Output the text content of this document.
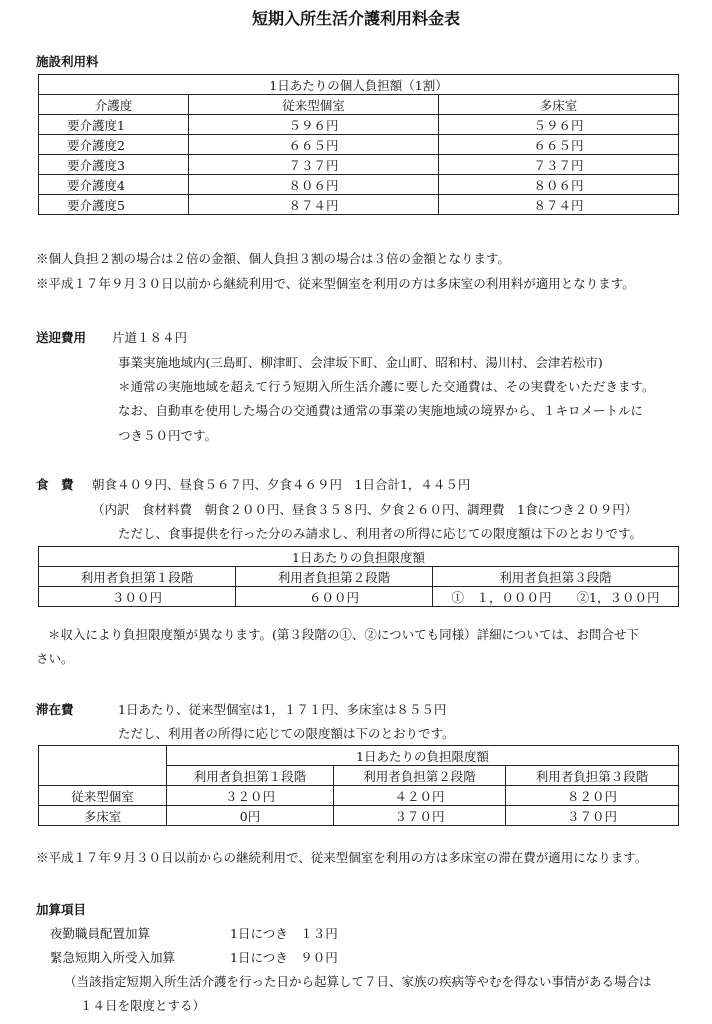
短期入所生活介護利用料金表
施設利用料
1日あたりの個人負担額（1割）		
介護度	従来型個室	多床室
要介護度1	５９６円	５９６円
要介護度2	６６５円	６６５円
要介護度3	７３７円	７３７円
要介護度4	８０６円	８０６円
要介護度5	８７４円	８７４円
※個人負担２割の場合は２倍の金額、個人負担３割の場合は３倍の金額となります。
※平成１７年９月３０日以前から継続利用で、従来型個室を利用の方は多床室の利用料が適用となります。
送迎費用 片道１８４円
事業実施地域内(三島町、柳津町、会津坂下町、金山町、昭和村、湯川村、会津若松市)
＊通常の実施地域を超えて行う短期入所生活介護に要した交通費は、その実費をいただきます。
なお、自動車を使用した場合の交通費は通常の事業の実施地域の境界から、１キロメートルに
つき５０円です。
食　費 朝食４０９円、昼食５６７円、夕食４６９円　1日合計1，４４５円
（内訳　食材料費　朝食２００円、昼食３５８円、夕食２６０円、調理費　1食につき２０９円）
ただし、食事提供を行った分のみ請求し、利用者の所得に応じての限度額は下のとおりです。
1日あたりの負担限度額		
利用者負担第１段階	利用者負担第２段階	利用者負担第３段階
３００円	６００円	①　１，０００円　　②1，３００円
＊収入により負担限度額が異なります。(第３段階の①、②についても同様）詳細については、お問合せ下
さい。
滞在費	1日あたり、従来型個室は1，１７１円、多床室は８５５円
ただし、利用者の所得に応じての限度額は下のとおりです。
	1日あたりの負担限度額		
	利用者負担第１段階	利用者負担第２段階	利用者負担第３段階
従来型個室	３２０円	４２０円	８２０円
多床室	0円	３７０円	３７０円
※平成１７年９月３０日以前からの継続利用で、従来型個室を利用の方は多床室の滞在費が適用になります。
加算項目
夜勤職員配置加算	1日につき　１３円
緊急短期入所受入加算	1日につき　９０円
（当該指定短期入所生活介護を行った日から起算して７日、家族の疾病等やむを得ない事情がある場合は
１４日を限度とする）
